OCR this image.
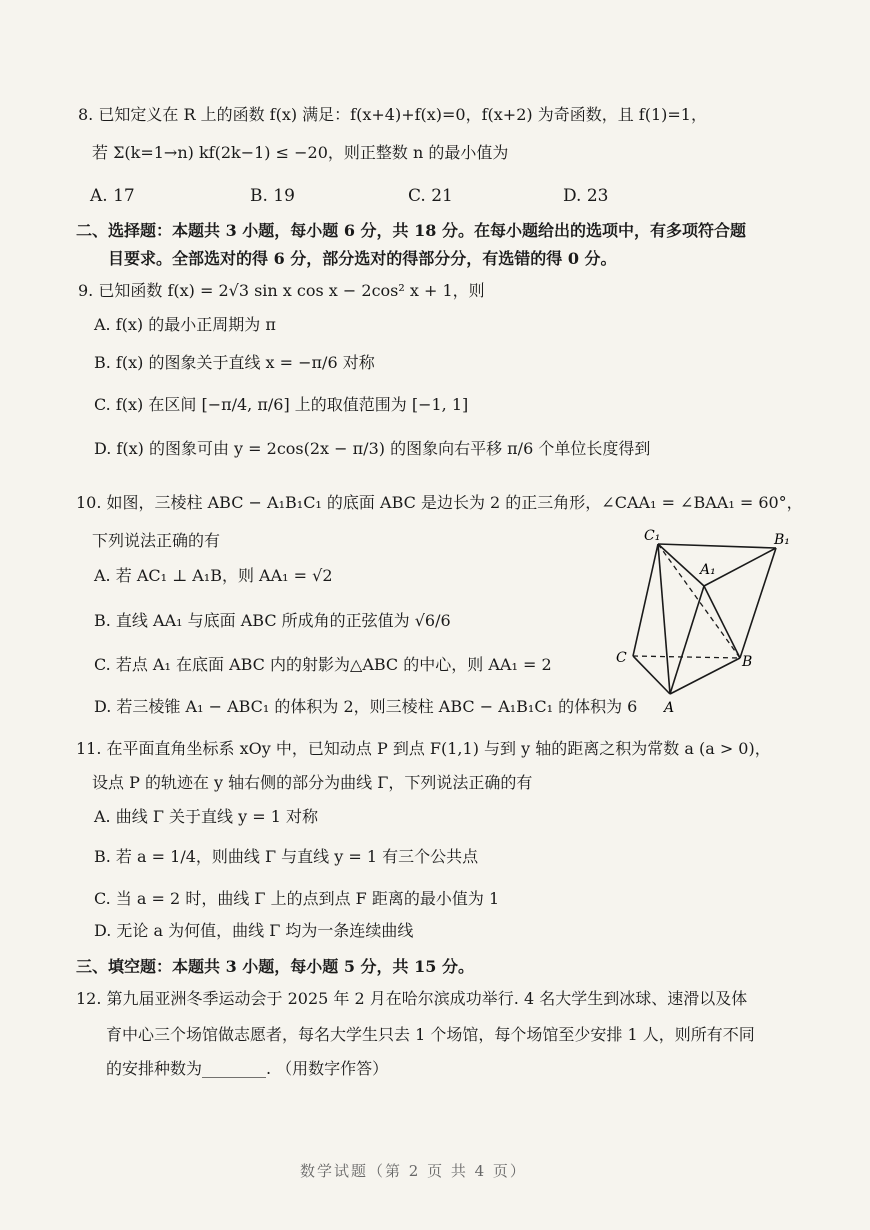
8. 已知定义在 R 上的函数 f(x) 满足：f(x+4)+f(x)=0，f(x+2) 为奇函数，且 f(1)=1，
若 Σ(k=1→n) kf(2k−1) ≤ −20，则正整数 n 的最小值为
A. 17	B. 19	C. 21	D. 23
二、选择题：本题共 3 小题，每小题 6 分，共 18 分。在每小题给出的选项中，有多项符合题
目要求。全部选对的得 6 分，部分选对的得部分分，有选错的得 0 分。
9. 已知函数 f(x) = 2√3 sin x cos x − 2cos² x + 1，则
A. f(x) 的最小正周期为 π
B. f(x) 的图象关于直线 x = −π/6 对称
C. f(x) 在区间 [−π/4, π/6] 上的取值范围为 [−1, 1]
D. f(x) 的图象可由 y = 2cos(2x − π/3) 的图象向右平移 π/6 个单位长度得到
10. 如图，三棱柱 ABC − A₁B₁C₁ 的底面 ABC 是边长为 2 的正三角形，∠CAA₁ = ∠BAA₁ = 60°，
下列说法正确的有
A. 若 AC₁ ⊥ A₁B，则 AA₁ = √2
B. 直线 AA₁ 与底面 ABC 所成角的正弦值为 √6/6
C. 若点 A₁ 在底面 ABC 内的射影为△ABC 的中心，则 AA₁ = 2
D. 若三棱锥 A₁ − ABC₁ 的体积为 2，则三棱柱 ABC − A₁B₁C₁ 的体积为 6
C₁	B₁
A₁
C	B
A
11. 在平面直角坐标系 xOy 中，已知动点 P 到点 F(1,1) 与到 y 轴的距离之积为常数 a (a > 0)，
设点 P 的轨迹在 y 轴右侧的部分为曲线 Γ，下列说法正确的有
A. 曲线 Γ 关于直线 y = 1 对称
B. 若 a = 1/4，则曲线 Γ 与直线 y = 1 有三个公共点
C. 当 a = 2 时，曲线 Γ 上的点到点 F 距离的最小值为 1
D. 无论 a 为何值，曲线 Γ 均为一条连续曲线
三、填空题：本题共 3 小题，每小题 5 分，共 15 分。
12. 第九届亚洲冬季运动会于 2025 年 2 月在哈尔滨成功举行. 4 名大学生到冰球、速滑以及体
育中心三个场馆做志愿者，每名大学生只去 1 个场馆，每个场馆至少安排 1 人，则所有不同
的安排种数为________. （用数字作答）
数学试题（第 2 页 共 4 页）
